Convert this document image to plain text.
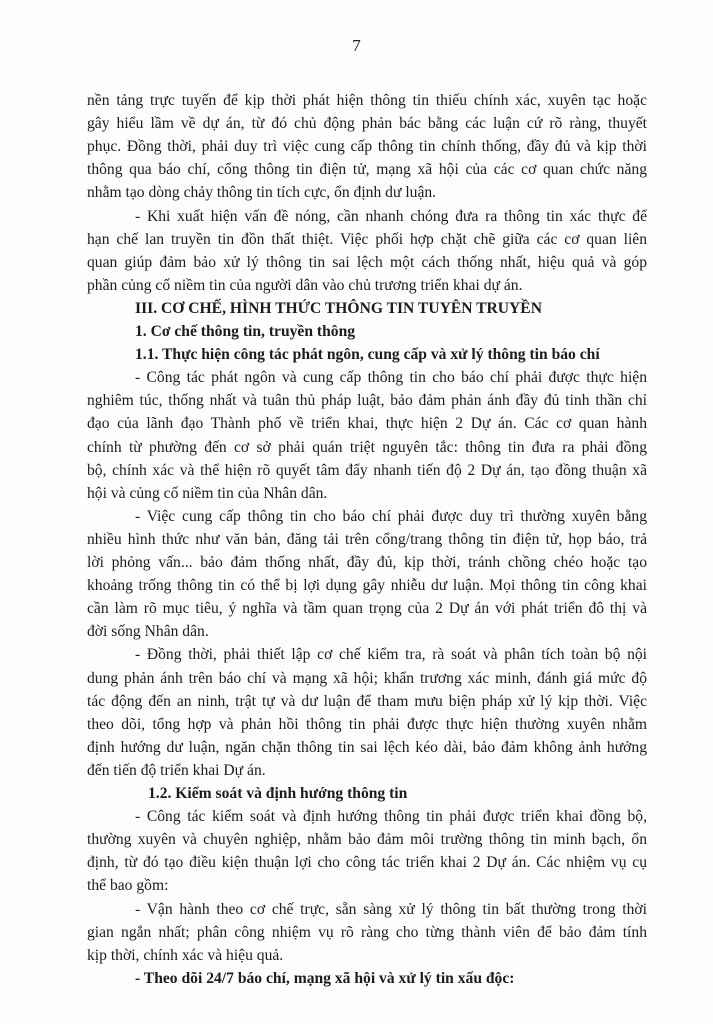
7
nền tảng trực tuyến để kịp thời phát hiện thông tin thiếu chính xác, xuyên tạc hoặc
gây hiểu lầm về dự án, từ đó chủ động phản bác bằng các luận cứ rõ ràng, thuyết
phục. Đồng thời, phải duy trì việc cung cấp thông tin chính thống, đầy đủ và kịp thời
thông qua báo chí, cổng thông tin điện tử, mạng xã hội của các cơ quan chức năng
nhằm tạo dòng chảy thông tin tích cực, ổn định dư luận.
- Khi xuất hiện vấn đề nóng, cần nhanh chóng đưa ra thông tin xác thực để
hạn chế lan truyền tin đồn thất thiệt. Việc phối hợp chặt chẽ giữa các cơ quan liên
quan giúp đảm bảo xử lý thông tin sai lệch một cách thống nhất, hiệu quả và góp
phần củng cố niềm tin của người dân vào chủ trương triển khai dự án.
III. CƠ CHẾ, HÌNH THỨC THÔNG TIN TUYÊN TRUYỀN
1. Cơ chế thông tin, truyền thông
1.1. Thực hiện công tác phát ngôn, cung cấp và xử lý thông tin báo chí
- Công tác phát ngôn và cung cấp thông tin cho báo chí phải được thực hiện
nghiêm túc, thống nhất và tuân thủ pháp luật, bảo đảm phản ánh đầy đủ tinh thần chỉ
đạo của lãnh đạo Thành phố về triển khai, thực hiện 2 Dự án. Các cơ quan hành
chính từ phường đến cơ sở phải quán triệt nguyên tắc: thông tin đưa ra phải đồng
bộ, chính xác và thể hiện rõ quyết tâm đẩy nhanh tiến độ 2 Dự án, tạo đồng thuận xã
hội và củng cố niềm tin của Nhân dân.
- Việc cung cấp thông tin cho báo chí phải được duy trì thường xuyên bằng
nhiều hình thức như văn bản, đăng tải trên cổng/trang thông tin điện tử, họp báo, trả
lời phỏng vấn... bảo đảm thống nhất, đầy đủ, kịp thời, tránh chồng chéo hoặc tạo
khoảng trống thông tin có thể bị lợi dụng gây nhiễu dư luận. Mọi thông tin công khai
cần làm rõ mục tiêu, ý nghĩa và tầm quan trọng của 2 Dự án với phát triển đô thị và
đời sống Nhân dân.
- Đồng thời, phải thiết lập cơ chế kiểm tra, rà soát và phân tích toàn bộ nội
dung phản ánh trên báo chí và mạng xã hội; khẩn trương xác minh, đánh giá mức độ
tác động đến an ninh, trật tự và dư luận để tham mưu biện pháp xử lý kịp thời. Việc
theo dõi, tổng hợp và phản hồi thông tin phải được thực hiện thường xuyên nhằm
định hướng dư luận, ngăn chặn thông tin sai lệch kéo dài, bảo đảm không ảnh hưởng
đến tiến độ triển khai Dự án.
1.2. Kiểm soát và định hướng thông tin
- Công tác kiểm soát và định hướng thông tin phải được triển khai đồng bộ,
thường xuyên và chuyên nghiệp, nhằm bảo đảm môi trường thông tin minh bạch, ổn
định, từ đó tạo điều kiện thuận lợi cho công tác triển khai 2 Dự án. Các nhiệm vụ cụ
thể bao gồm:
- Vận hành theo cơ chế trực, sẵn sàng xử lý thông tin bất thường trong thời
gian ngắn nhất; phân công nhiệm vụ rõ ràng cho từng thành viên để bảo đảm tính
kịp thời, chính xác và hiệu quả.
- Theo dõi 24/7 báo chí, mạng xã hội và xử lý tin xấu độc:
